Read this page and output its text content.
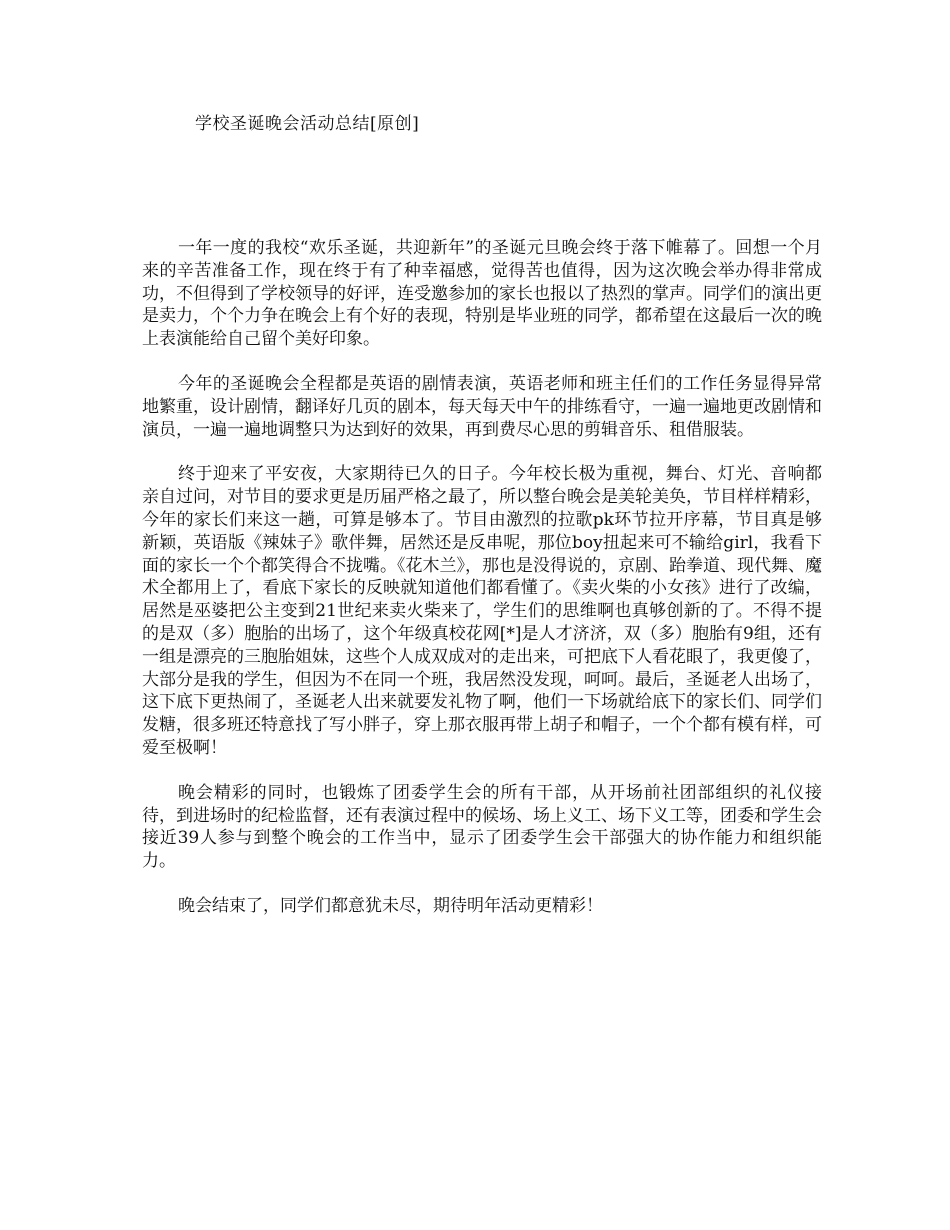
学校圣诞晚会活动总结[原创]

一年一度的我校“欢乐圣诞，共迎新年”的圣诞元旦晚会终于落下帷幕了。回想一个月来的辛苦准备工作，现在终于有了种幸福感，觉得苦也值得，因为这次晚会举办得非常成功，不但得到了学校领导的好评，连受邀参加的家长也报以了热烈的掌声。同学们的演出更是卖力，个个力争在晚会上有个好的表现，特别是毕业班的同学，都希望在这最后一次的晚上表演能给自己留个美好印象。

今年的圣诞晚会全程都是英语的剧情表演，英语老师和班主任们的工作任务显得异常地繁重，设计剧情，翻译好几页的剧本，每天每天中午的排练看守，一遍一遍地更改剧情和演员，一遍一遍地调整只为达到好的效果，再到费尽心思的剪辑音乐、租借服装。

终于迎来了平安夜，大家期待已久的日子。今年校长极为重视，舞台、灯光、音响都亲自过问，对节目的要求更是历届严格之最了，所以整台晚会是美轮美奂，节目样样精彩，今年的家长们来这一趟，可算是够本了。节目由激烈的拉歌pk环节拉开序幕，节目真是够新颖，英语版《辣妹子》歌伴舞，居然还是反串呢，那位boy扭起来可不输给girl，我看下面的家长一个个都笑得合不拢嘴。《花木兰》，那也是没得说的，京剧、跆拳道、现代舞、魔术全都用上了，看底下家长的反映就知道他们都看懂了。《卖火柴的小女孩》进行了改编，居然是巫婆把公主变到21世纪来卖火柴来了，学生们的思维啊也真够创新的了。不得不提的是双（多）胞胎的出场了，这个年级真校花网[*]是人才济济，双（多）胞胎有9组，还有一组是漂亮的三胞胎姐妹，这些个人成双成对的走出来，可把底下人看花眼了，我更傻了，大部分是我的学生，但因为不在同一个班，我居然没发现，呵呵。最后，圣诞老人出场了，这下底下更热闹了，圣诞老人出来就要发礼物了啊，他们一下场就给底下的家长们、同学们发糖，很多班还特意找了写小胖子，穿上那衣服再带上胡子和帽子，一个个都有模有样，可爱至极啊！

晚会精彩的同时，也锻炼了团委学生会的所有干部，从开场前社团部组织的礼仪接待，到进场时的纪检监督，还有表演过程中的候场、场上义工、场下义工等，团委和学生会接近39人参与到整个晚会的工作当中，显示了团委学生会干部强大的协作能力和组织能力。

晚会结束了，同学们都意犹未尽，期待明年活动更精彩！
